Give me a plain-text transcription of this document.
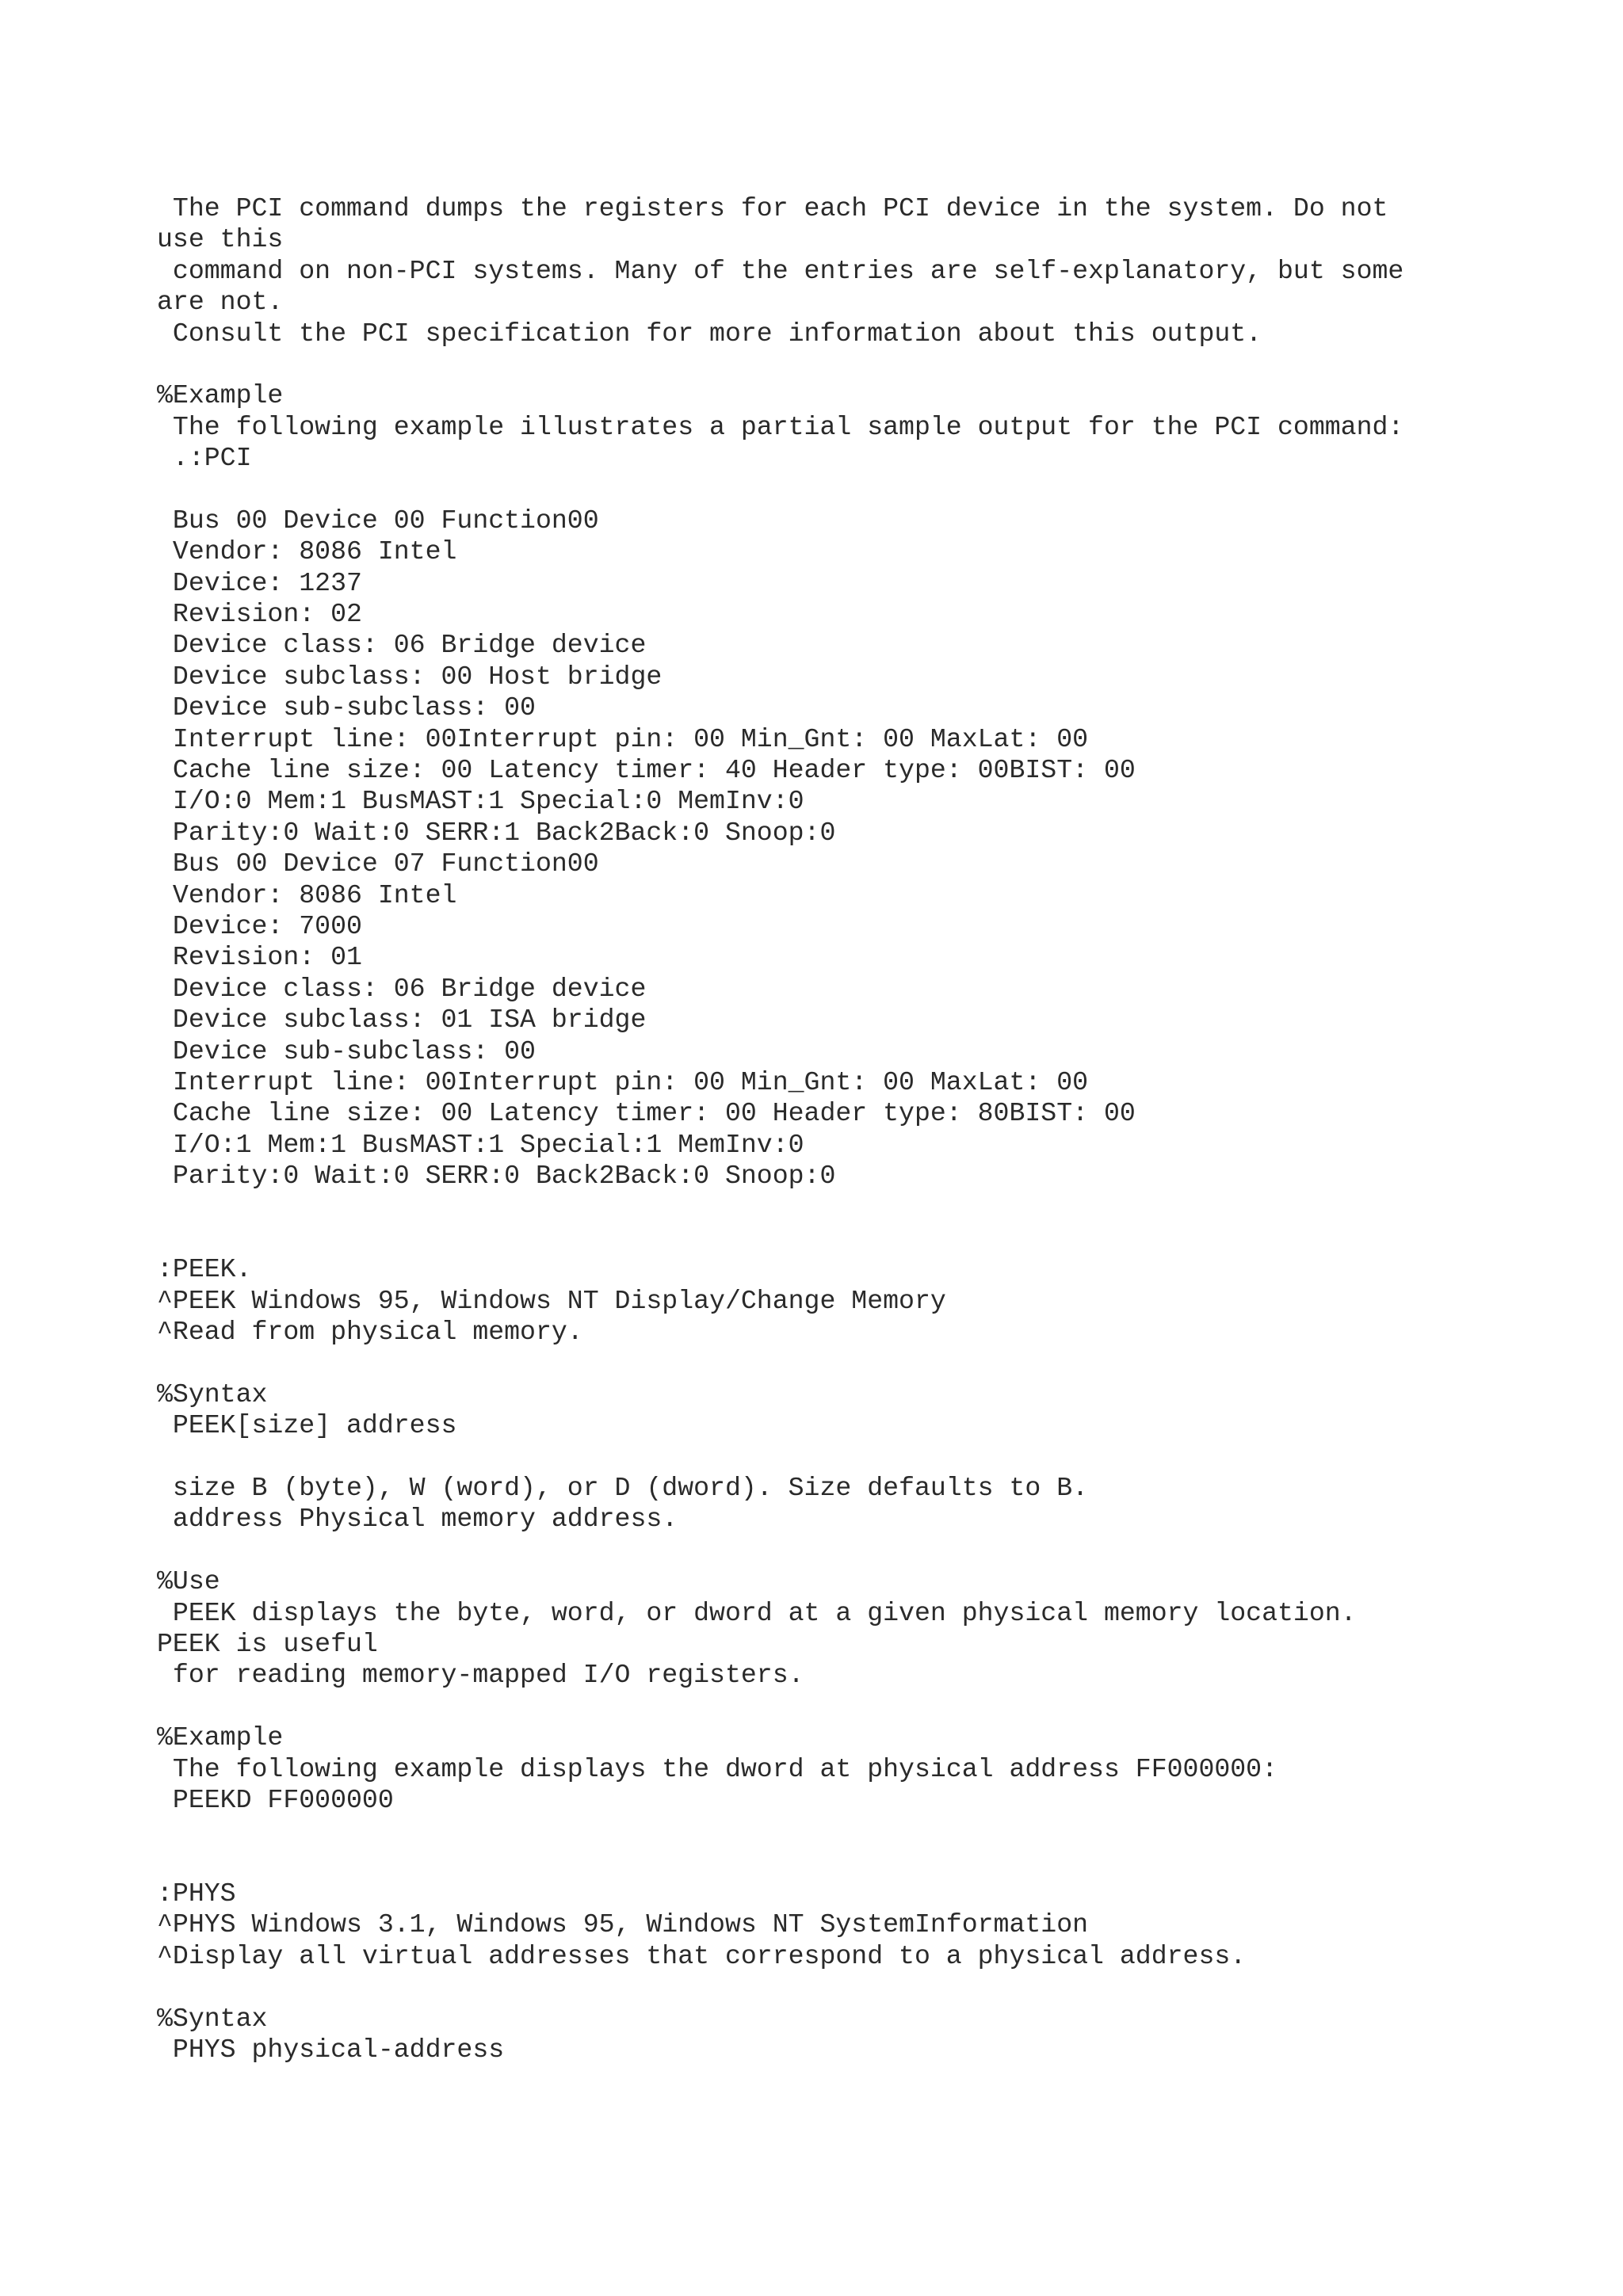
The PCI command dumps the registers for each PCI device in the system. Do not
use this
command on non-PCI systems. Many of the entries are self-explanatory, but some
are not.
Consult the PCI specification for more information about this output.
%Example
The following example illustrates a partial sample output for the PCI command:
.:PCI
Bus 00 Device 00 Function00
Vendor: 8086 Intel
Device: 1237
Revision: 02
Device class: 06 Bridge device
Device subclass: 00 Host bridge
Device sub-subclass: 00
Interrupt line: 00Interrupt pin: 00 Min_Gnt: 00 MaxLat: 00
Cache line size: 00 Latency timer: 40 Header type: 00BIST: 00
I/O:0 Mem:1 BusMAST:1 Special:0 MemInv:0
Parity:0 Wait:0 SERR:1 Back2Back:0 Snoop:0
Bus 00 Device 07 Function00
Vendor: 8086 Intel
Device: 7000
Revision: 01
Device class: 06 Bridge device
Device subclass: 01 ISA bridge
Device sub-subclass: 00
Interrupt line: 00Interrupt pin: 00 Min_Gnt: 00 MaxLat: 00
Cache line size: 00 Latency timer: 00 Header type: 80BIST: 00
I/O:1 Mem:1 BusMAST:1 Special:1 MemInv:0
Parity:0 Wait:0 SERR:0 Back2Back:0 Snoop:0
:PEEK.
^PEEK Windows 95, Windows NT Display/Change Memory
^Read from physical memory.
%Syntax
PEEK[size] address
size B (byte), W (word), or D (dword). Size defaults to B.
address Physical memory address.
%Use
PEEK displays the byte, word, or dword at a given physical memory location.
PEEK is useful
for reading memory-mapped I/O registers.
%Example
The following example displays the dword at physical address FF000000:
PEEKD FF000000
:PHYS
^PHYS Windows 3.1, Windows 95, Windows NT SystemInformation
^Display all virtual addresses that correspond to a physical address.
%Syntax
PHYS physical-address
